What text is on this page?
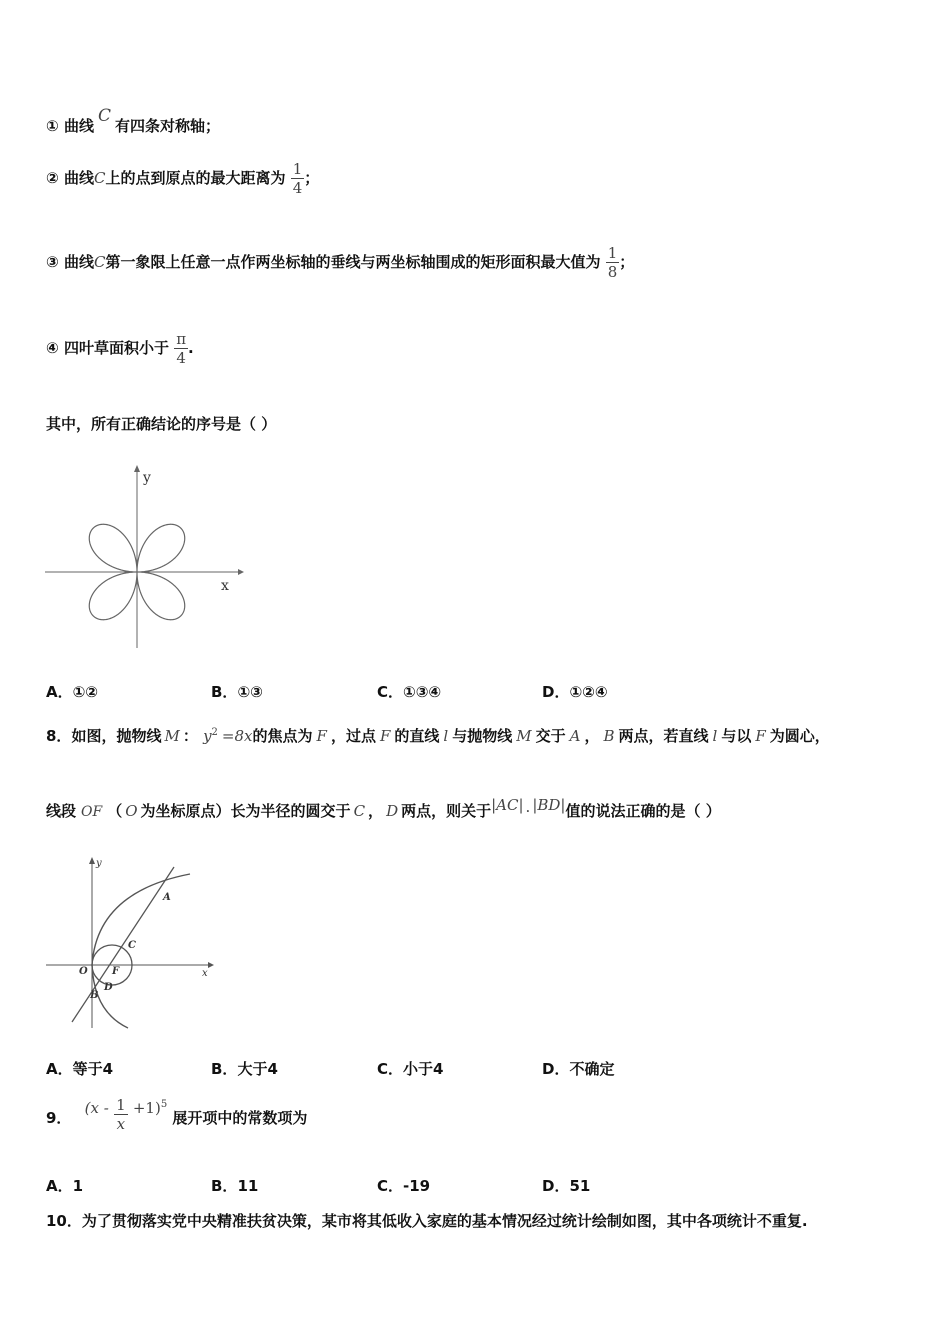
① 曲线 C 有四条对称轴；
② 曲线C上的点到原点的最大距离为 $\frac{1}{4}$ ；
③ 曲线C第一象限上任意一点作两坐标轴的垂线与两坐标轴围成的矩形面积最大值为 $\frac{1}{8}$ ；
④ 四叶草面积小于 $\frac{\pi}{4}$ .
其中，所有正确结论的序号是（ ）
y
x
A．①②	B．①③	C．①③④	D．①②④
8．如图，抛物线 M ： $y^2 =8x$的焦点为 F ，过点 F 的直线 l 与抛物线 M 交于 A ， B 两点，若直线 l 与以 F 为圆心，
线段 OF （ O 为坐标原点）长为半径的圆交于 C ， D 两点，则关于|AC| · |BD|值的说法正确的是（ ）
y
x
O F
A
C
D
B
A．等于4	B．大于4	C．小于4	D．不确定
9． $(x - \frac{1}{x} +1)^5$ 展开项中的常数项为
A．1	B．11	C．-19	D．51
10．为了贯彻落实党中央精准扶贫决策，某市将其低收入家庭的基本情况经过统计绘制如图，其中各项统计不重复.
